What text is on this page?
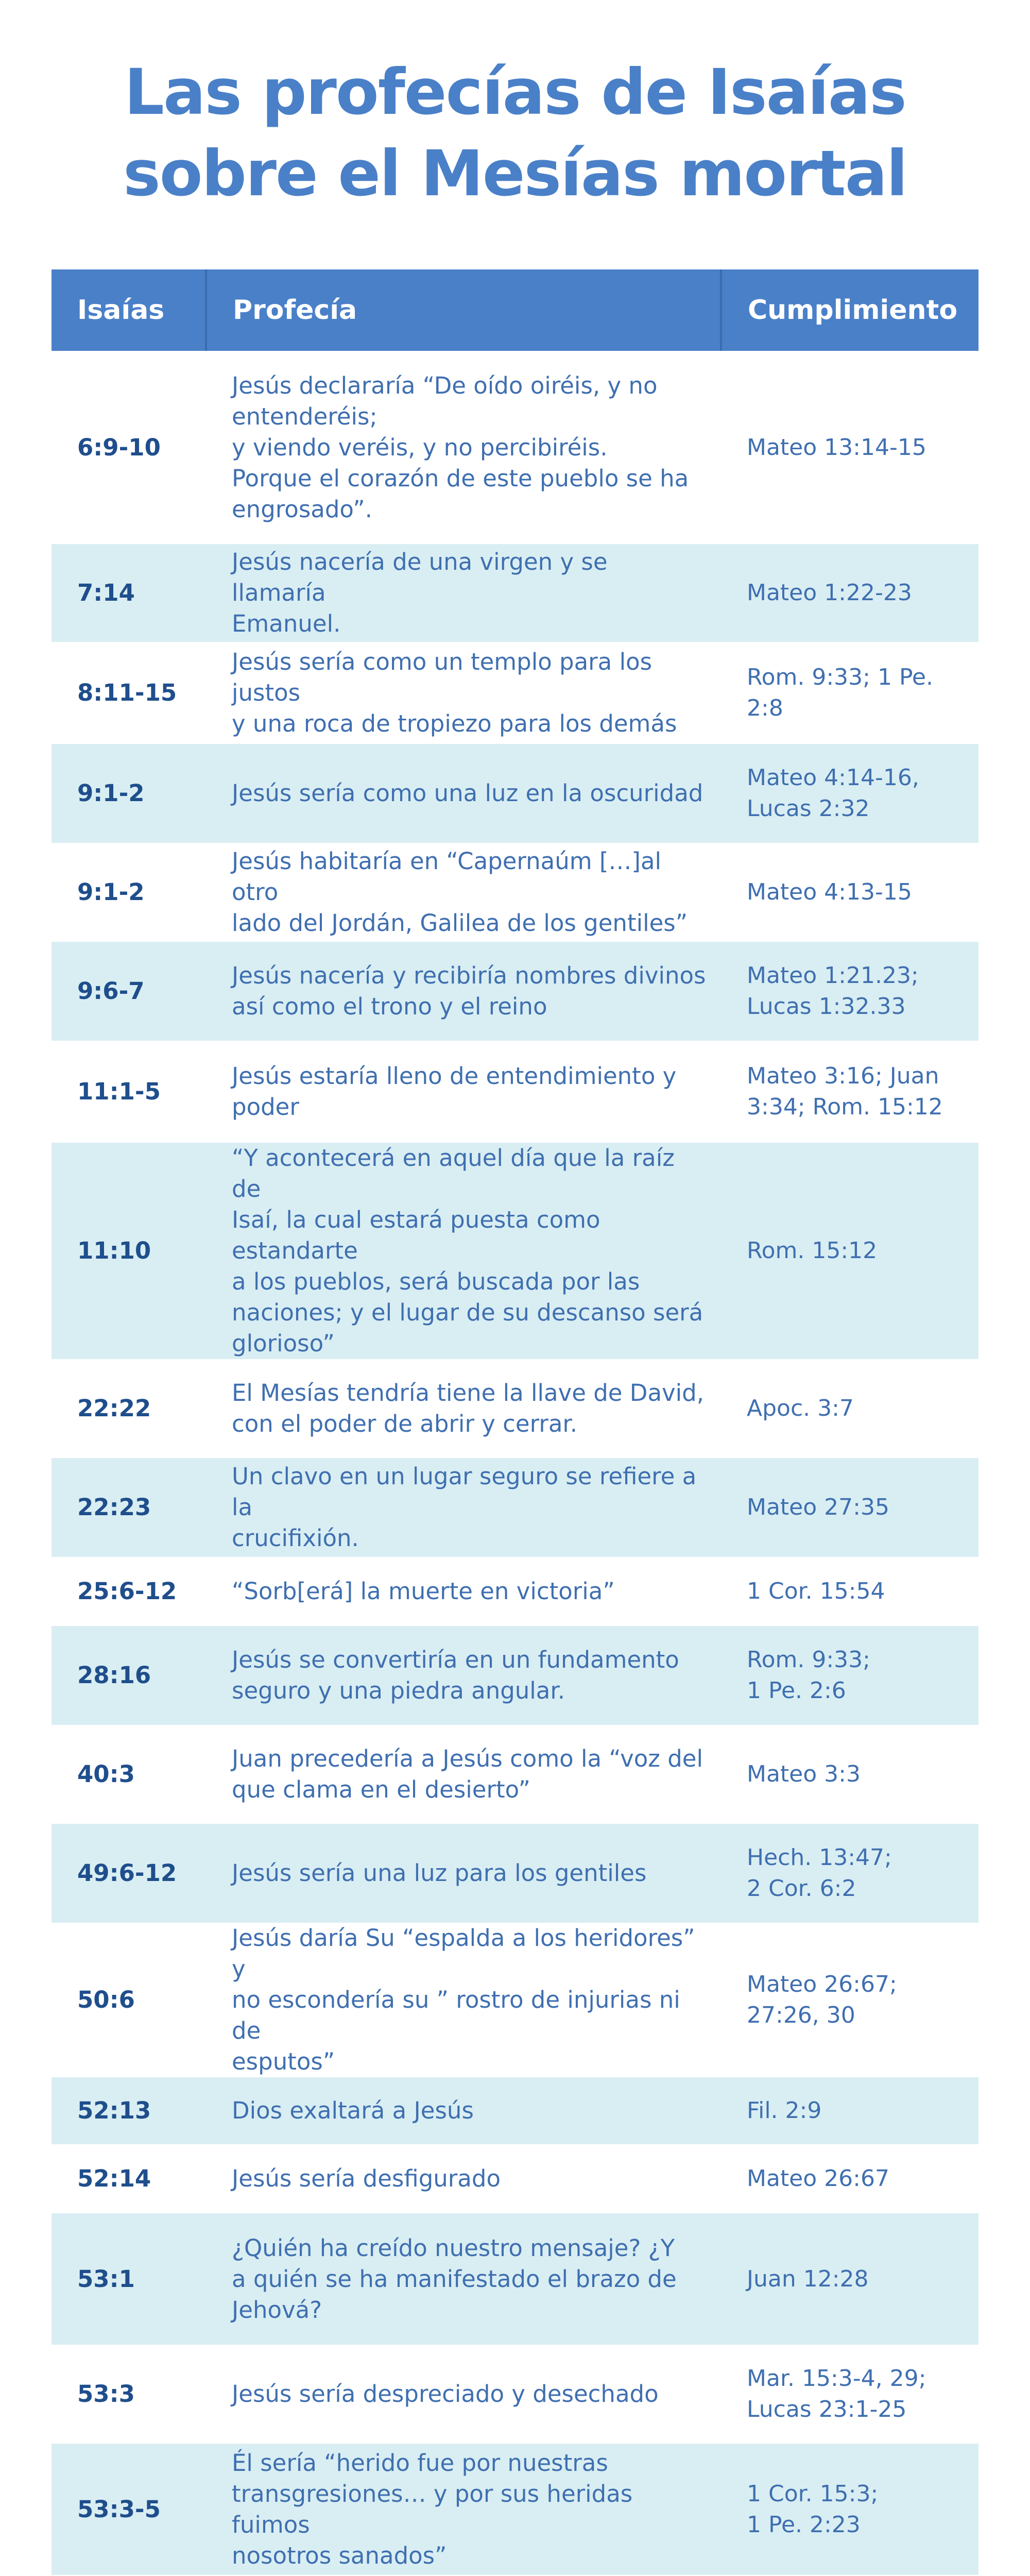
Las profecías de Isaías
sobre el Mesías mortal
Isaías	Profecía	Cumplimiento
6:9-10	Jesús declararía “De oído oiréis, y no
entenderéis;
y viendo veréis, y no percibiréis.
Porque el corazón de este pueblo se ha
engrosado”.	Mateo 13:14-15

7:14	Jesús nacería de una virgen y se llamaría
Emanuel.	Mateo 1:22-23

8:11-15	Jesús sería como un templo para los justos
y una roca de tropiezo para los demás	Rom. 9:33; 1 Pe.
2:8

9:1-2	Jesús sería como una luz en la oscuridad	Mateo 4:14-16,
Lucas 2:32

9:1-2	Jesús habitaría en “Capernaúm […]al otro
lado del Jordán, Galilea de los gentiles”	Mateo 4:13-15

9:6-7	Jesús nacería y recibiría nombres divinos
así como el trono y el reino	Mateo 1:21.23;
Lucas 1:32.33

11:1-5	Jesús estaría lleno de entendimiento y
poder	Mateo 3:16; Juan
3:34; Rom. 15:12

11:10	“Y acontecerá en aquel día que la raíz de
Isaí, la cual estará puesta como estandarte
a los pueblos, será buscada por las
naciones; y el lugar de su descanso será
glorioso”	Rom. 15:12

22:22	El Mesías tendría tiene la llave de David,
con el poder de abrir y cerrar.	Apoc. 3:7

22:23	Un clavo en un lugar seguro se refiere a la
crucifixión.	Mateo 27:35

25:6-12	“Sorb[erá] la muerte en victoria”	1 Cor. 15:54

28:16	Jesús se convertiría en un fundamento
seguro y una piedra angular.	Rom. 9:33;
1 Pe. 2:6

40:3	Juan precedería a Jesús como la “voz del
que clama en el desierto”	Mateo 3:3

49:6-12	Jesús sería una luz para los gentiles	Hech. 13:47;
2 Cor. 6:2

50:6	Jesús daría Su “espalda a los heridores” y
no escondería su ” rostro de injurias ni de
esputos”	Mateo 26:67;
27:26, 30

52:13	Dios exaltará a Jesús	Fil. 2:9

52:14	Jesús sería desfigurado	Mateo 26:67

53:1	¿Quién ha creído nuestro mensaje? ¿Y
a quién se ha manifestado el brazo de
Jehová?	Juan 12:28

53:3	Jesús sería despreciado y desechado	Mar. 15:3-4, 29;
Lucas 23:1-25

53:3-5	Él sería “herido fue por nuestras
transgresiones… y por sus heridas fuimos
nosotros sanados”	1 Cor. 15:3;
1 Pe. 2:23
